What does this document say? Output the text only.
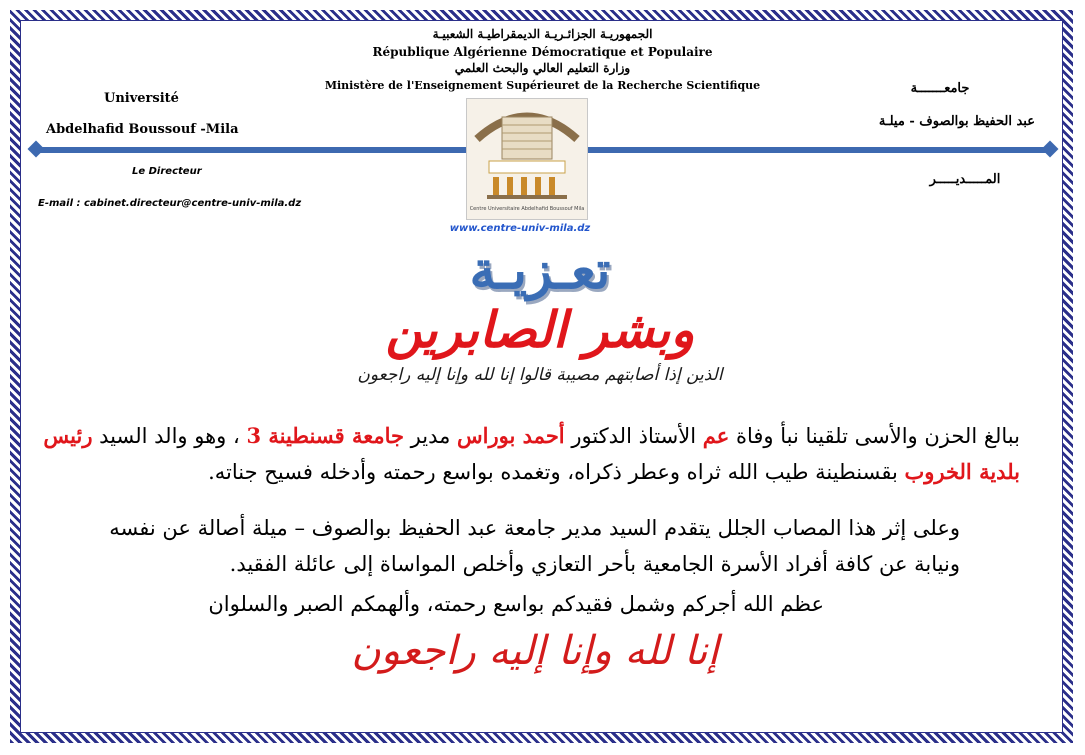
الجمهوريـة الجزائـريـة الديمقراطيـة الشعبيـة
République Algérienne Démocratique et Populaire
وزارة التعليم العالي والبحث العلمي
Ministère de l'Enseignement Supérieuret de la Recherche Scientifique
Université
Abdelhafid Boussouf -Mila
Le Directeur
E-mail : cabinet.directeur@centre-univ-mila.dz
جامعـــــــة
عبد الحفيظ بوالصوف - ميلـة
المـــــديـــــر
Centre Universitaire Abdelhafid Boussouf Mila
www.centre-univ-mila.dz
تعـزيـة
وبشر الصابرين
الذين إذا أصابتهم مصيبة قالوا إنا لله وإنا إليه راجعون
ببالغ الحزن والأسى تلقينا نبأ وفاة عم الأستاذ الدكتور أحمد بوراس مدير جامعة قسنطينة 3 ، وهو والد السيد رئيس بلدية الخروب بقسنطينة طيب الله ثراه وعطر ذكراه، وتغمده بواسع رحمته وأدخله فسيح جناته.
وعلى إثر هذا المصاب الجلل يتقدم السيد مدير جامعة عبد الحفيظ بوالصوف – ميلة أصالة عن نفسه ونيابة عن كافة أفراد الأسرة الجامعية بأحر التعازي وأخلص المواساة إلى عائلة الفقيد.
عظم الله أجركم وشمل فقيدكم بواسع رحمته، وألهمكم الصبر والسلوان
إنا لله وإنا إليه راجعون
